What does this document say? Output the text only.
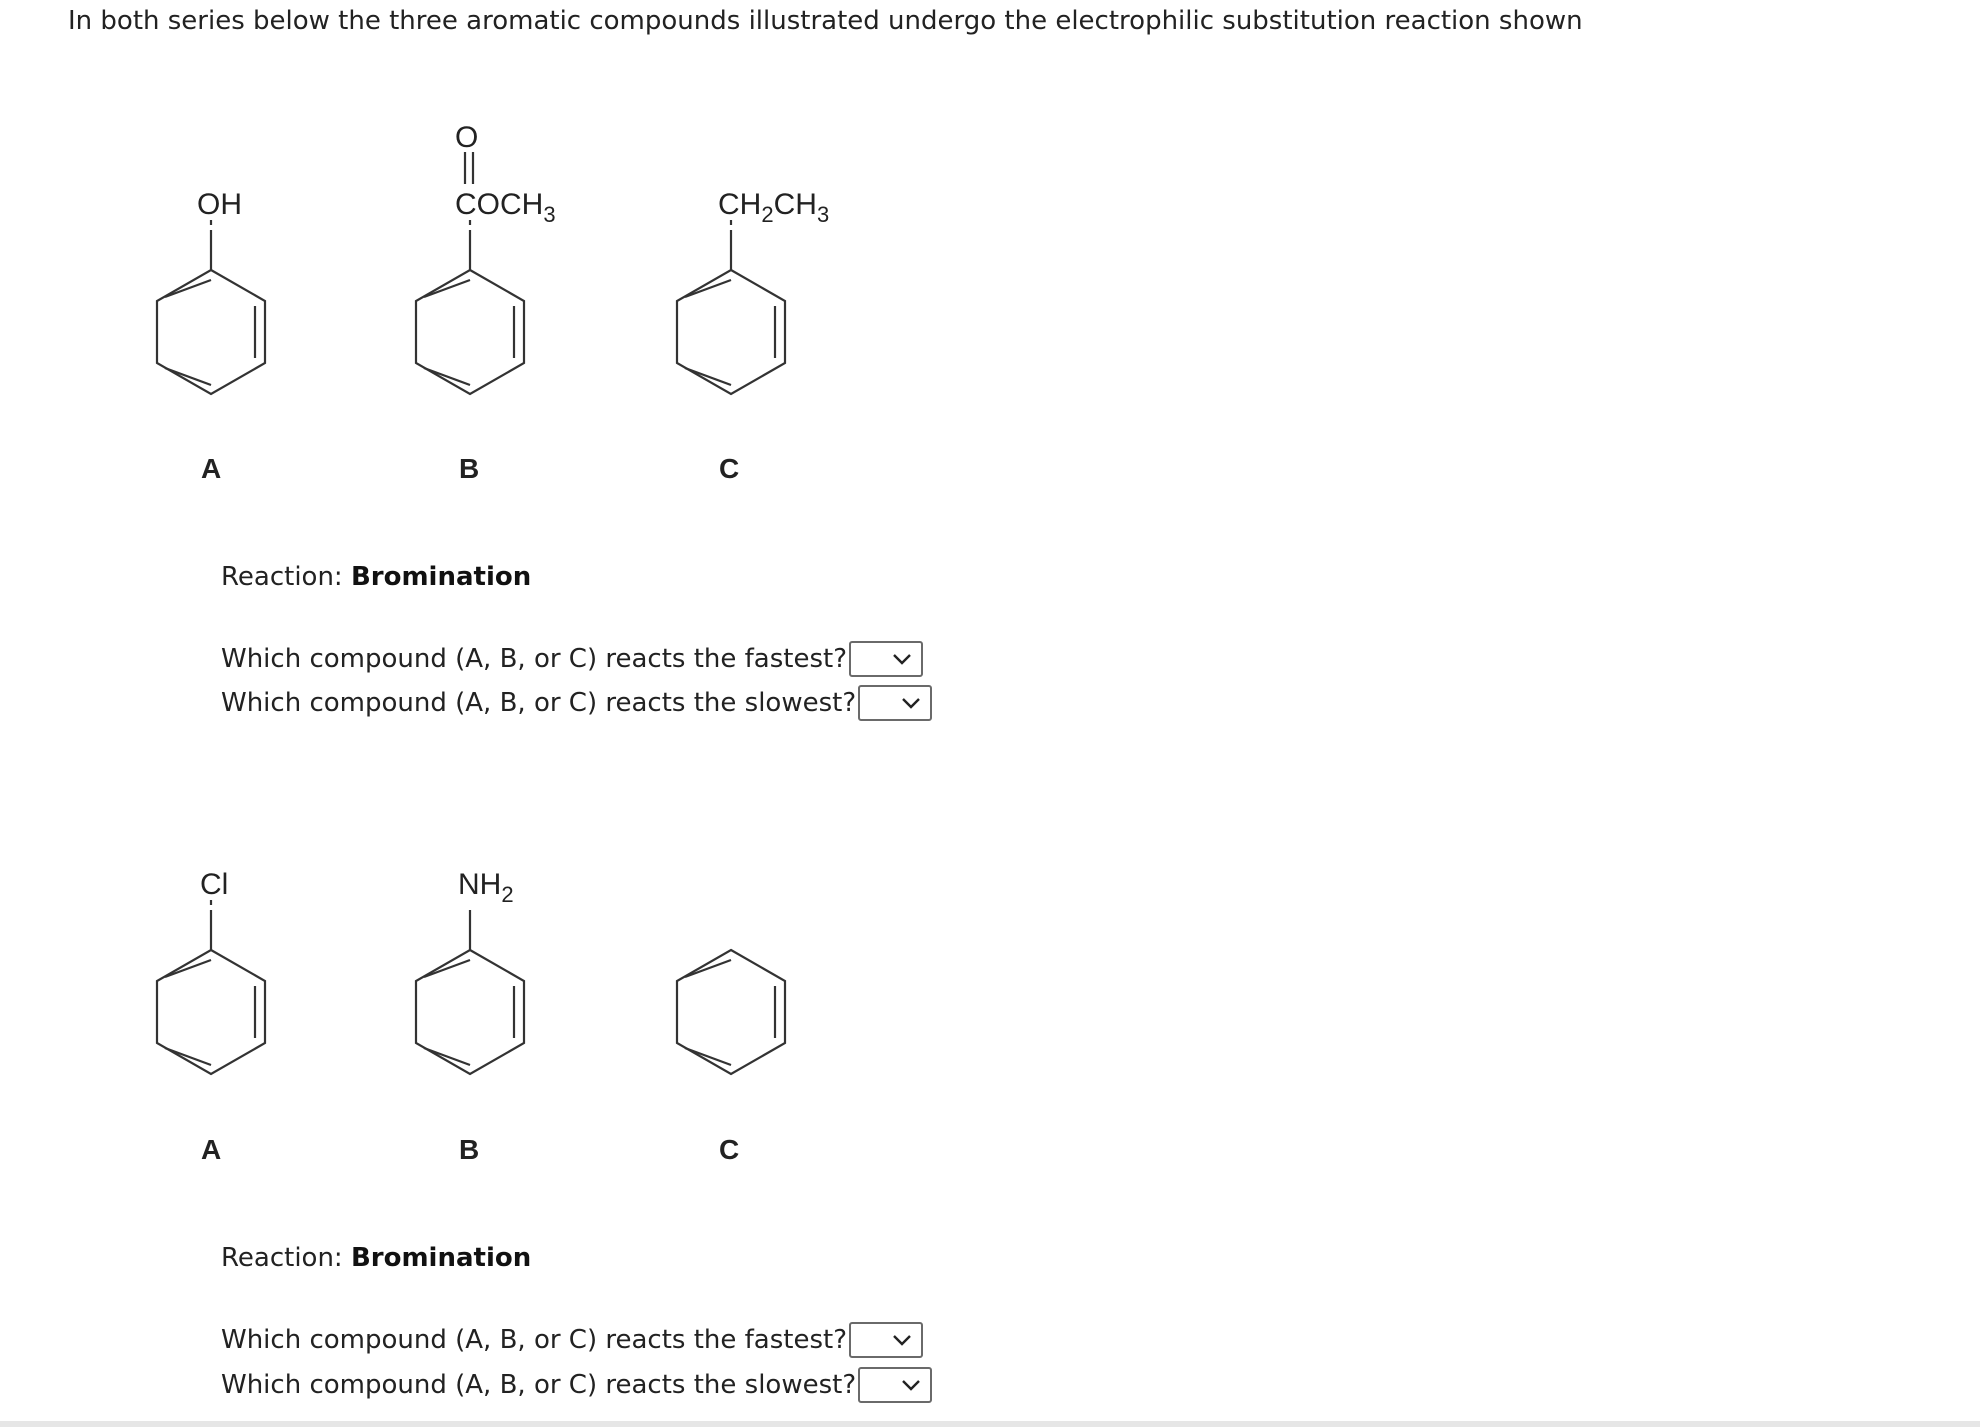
In both series below the three aromatic compounds illustrated undergo the electrophilic substitution reaction shown

OH
A
O
$COCH_3$
B
$CH_2CH_3$
C
Cl
A
$NH_2$
B	C

Reaction: Bromination

Which compound (A, B, or C) reacts the fastest?
Which compound (A, B, or C) reacts the slowest?

Reaction: Bromination

Which compound (A, B, or C) reacts the fastest?
Which compound (A, B, or C) reacts the slowest?
